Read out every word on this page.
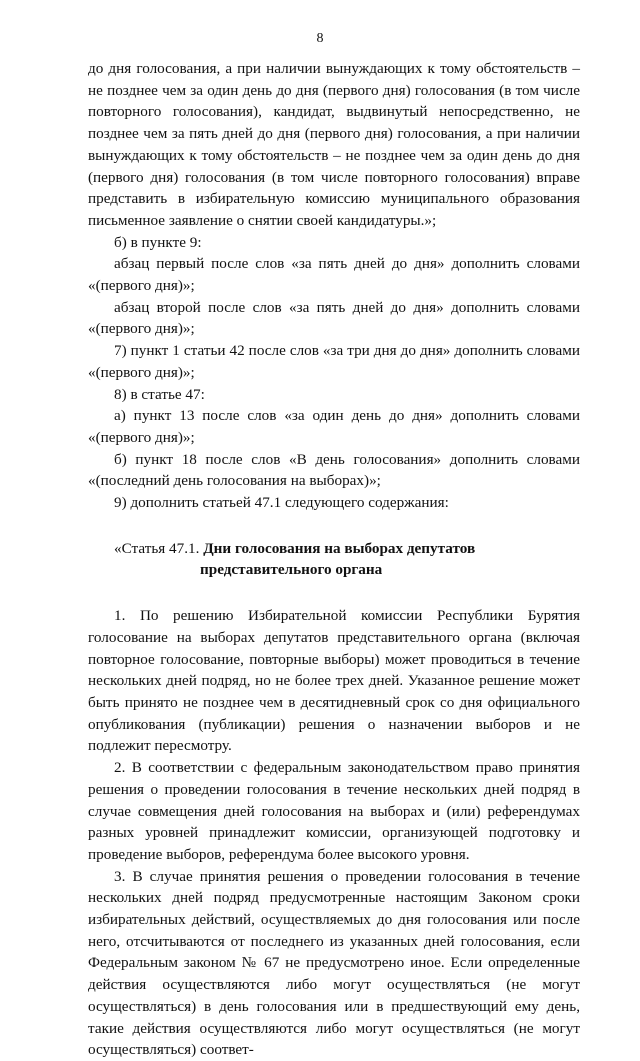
8

до дня голосования, а при наличии вынуждающих к тому обстоятельств – не позднее чем за один день до дня (первого дня) голосования (в том числе повторного голосования), кандидат, выдвинутый непосредственно, не позднее чем за пять дней до дня (первого дня) голосования, а при наличии вынуждающих к тому обстоятельств – не позднее чем за один день до дня (первого дня) голосования (в том числе повторного голосования) вправе представить в избирательную комиссию муниципального образования письменное заявление о снятии своей кандидатуры.»;

б) в пункте 9:

абзац первый после слов «за пять дней до дня» дополнить словами «(первого дня)»;

абзац второй после слов «за пять дней до дня» дополнить словами «(первого дня)»;

7) пункт 1 статьи 42 после слов «за три дня до дня» дополнить словами «(первого дня)»;

8) в статье 47:

а) пункт 13 после слов «за один день до дня» дополнить словами «(первого дня)»;

б) пункт 18 после слов «В день голосования» дополнить словами «(последний день голосования на выборах)»;

9) дополнить статьей 47.1 следующего содержания:

«Статья 47.1. Дни голосования на выборах депутатов
представительного органа

1. По решению Избирательной комиссии Республики Бурятия голосование на выборах депутатов представительного органа (включая повторное голосование, повторные выборы) может проводиться в течение нескольких дней подряд, но не более трех дней. Указанное решение может быть принято не позднее чем в десятидневный срок со дня официального опубликования (публикации) решения о назначении выборов и не подлежит пересмотру.

2. В соответствии с федеральным законодательством право принятия решения о проведении голосования в течение нескольких дней подряд в случае совмещения дней голосования на выборах и (или) референдумах разных уровней принадлежит комиссии, организующей подготовку и проведение выборов, референдума более высокого уровня.

3. В случае принятия решения о проведении голосования в течение нескольких дней подряд предусмотренные настоящим Законом сроки избирательных действий, осуществляемых до дня голосования или после него, отсчитываются от последнего из указанных дней голосования, если Федеральным законом № 67 не предусмотрено иное. Если определенные действия осуществляются либо могут осуществляться (не могут осуществляться) в день голосования или в предшествующий ему день, такие действия осуществляются либо могут осуществляться (не могут осуществляться) соответ-
